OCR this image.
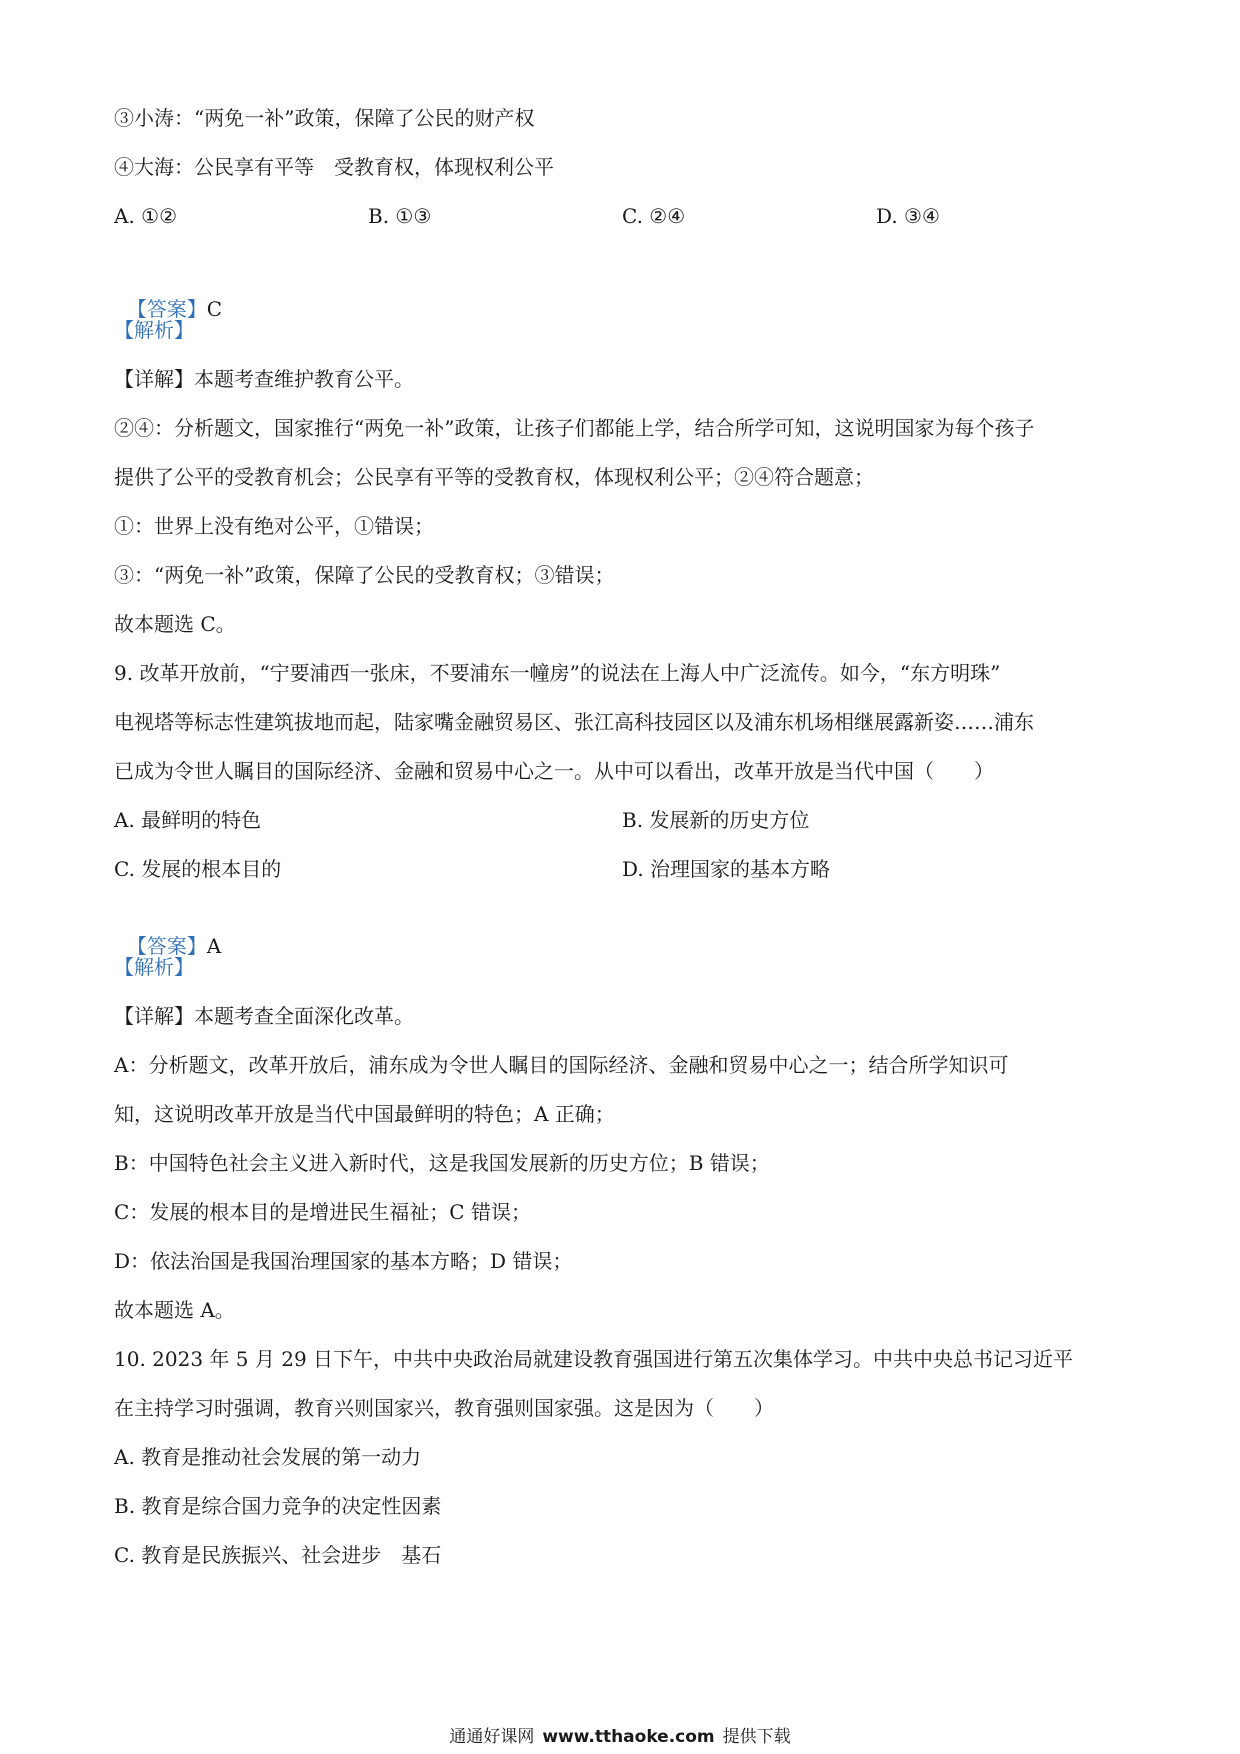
③小涛：“两免一补”政策，保障了公民的财产权
④大海：公民享有平等　受教育权，体现权利公平
A. ①②	B. ①③	C. ②④	D. ③④

【答案】C

【解析】
【详解】本题考查维护教育公平。
②④：分析题文，国家推行“两免一补”政策，让孩子们都能上学，结合所学可知，这说明国家为每个孩子
提供了公平的受教育机会；公民享有平等的受教育权，体现权利公平；②④符合题意；
①：世界上没有绝对公平，①错误；
③：“两免一补”政策，保障了公民的受教育权；③错误；
故本题选 C。
9. 改革开放前，“宁要浦西一张床，不要浦东一幢房”的说法在上海人中广泛流传。如今，“东方明珠”
电视塔等标志性建筑拔地而起，陆家嘴金融贸易区、张江高科技园区以及浦东机场相继展露新姿……浦东
已成为令世人瞩目的国际经济、金融和贸易中心之一。从中可以看出，改革开放是当代中国（　　）
A. 最鲜明的特色	B. 发展新的历史方位
C. 发展的根本目的	D. 治理国家的基本方略

【答案】A

【解析】
【详解】本题考查全面深化改革。
A：分析题文，改革开放后，浦东成为令世人瞩目的国际经济、金融和贸易中心之一；结合所学知识可
知，这说明改革开放是当代中国最鲜明的特色；A 正确；
B：中国特色社会主义进入新时代，这是我国发展新的历史方位；B 错误；
C：发展的根本目的是增进民生福祉；C 错误；
D：依法治国是我国治理国家的基本方略；D 错误；
故本题选 A。
10. 2023 年 5 月 29 日下午，中共中央政治局就建设教育强国进行第五次集体学习。中共中央总书记习近平
在主持学习时强调，教育兴则国家兴，教育强则国家强。这是因为（　　）
A. 教育是推动社会发展的第一动力
B. 教育是综合国力竞争的决定性因素
C. 教育是民族振兴、社会进步　基石
通通好课网 www.tthaoke.com 提供下载
